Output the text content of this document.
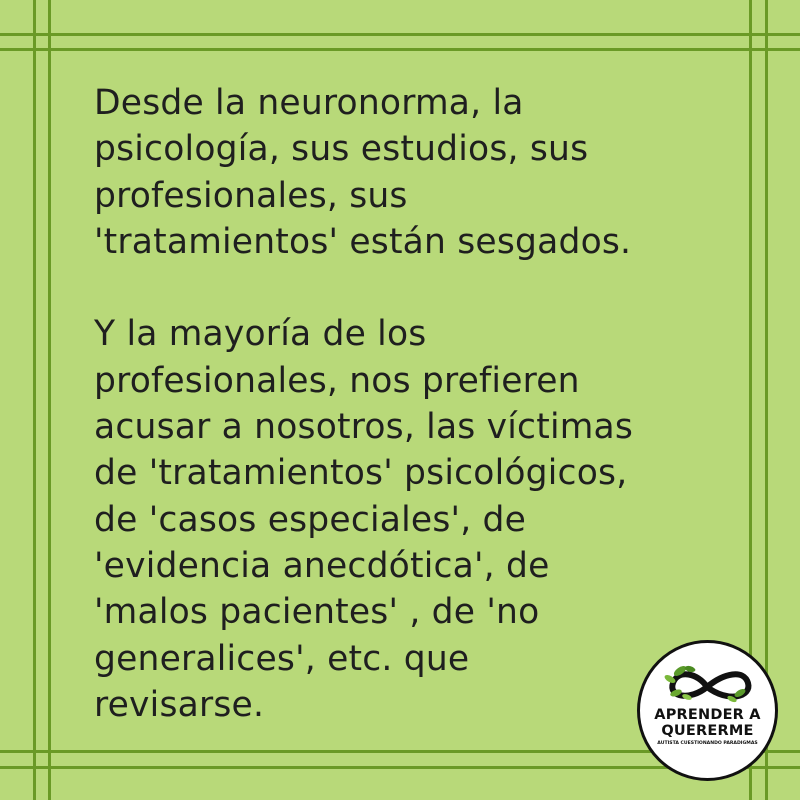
Desde la neuronorma, la
psicología, sus estudios, sus
profesionales, sus
'tratamientos' están sesgados.
Y la mayoría de los
profesionales, nos prefieren
acusar a nosotros, las víctimas
de 'tratamientos' psicológicos,
de 'casos especiales', de
'evidencia anecdótica', de
'malos pacientes' , de 'no
generalices', etc. que
revisarse.	APRENDER A
QUERERME
AUTISTA CUESTIONANDO PARADIGMAS
